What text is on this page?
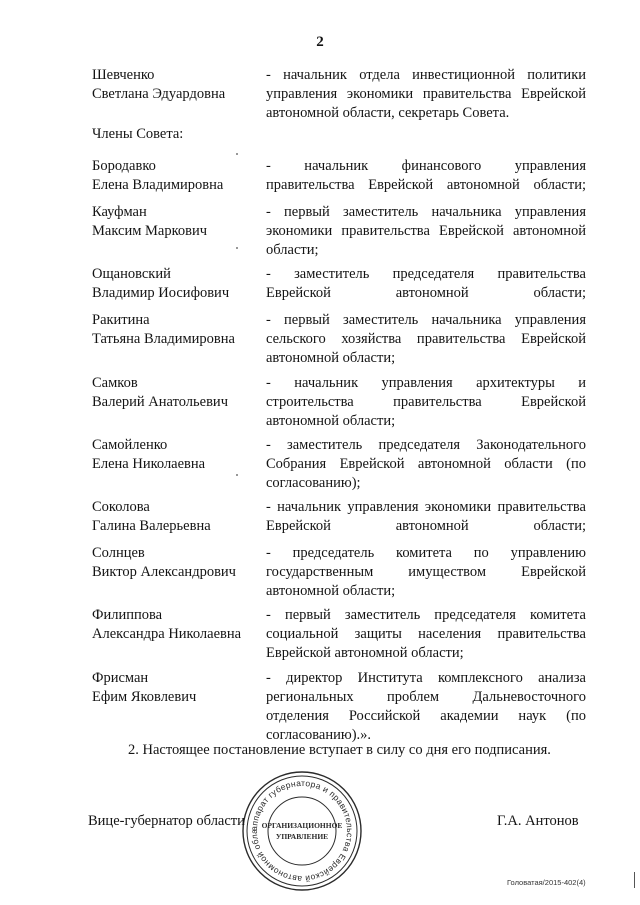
2
Шевченко
Светлана Эдуардовна
- начальник отдела инвестиционной политики управления экономики правительства Еврейской автономной области, секретарь Совета.
Члены Совета:
Бородавко
Елена Владимировна
- начальник финансового управления правительства Еврейской автономной области;
Кауфман
Максим Маркович
- первый заместитель начальника управления экономики правительства Еврейской автономной области;
Ощановский
Владимир Иосифович
- заместитель председателя правительства Еврейской автономной области;
Ракитина
Татьяна Владимировна
- первый заместитель начальника управления сельского хозяйства правительства Еврейской автономной области;
Самков
Валерий Анатольевич
- начальник управления архитектуры и строительства правительства Еврейской автономной области;
Самойленко
Елена Николаевна
- заместитель председателя Законодательного Собрания Еврейской автономной области (по согласованию);
Соколова
Галина Валерьевна
- начальник управления экономики правительства Еврейской автономной области;
Солнцев
Виктор Александрович
- председатель комитета по управлению государственным имуществом Еврейской автономной области;
Филиппова
Александра Николаевна
- первый заместитель председателя комитета социальной защиты населения правительства Еврейской автономной области;
Фрисман
Ефим Яковлевич
- директор Института комплексного анализа региональных проблем Дальневосточного отделения Российской академии наук (по согласованию).».
2. Настоящее постановление вступает в силу со дня его подписания.
аппарат губернатора и правительства Еврейской автономной обла
ОРГАНИЗАЦИОННОЕ
УПРАВЛЕНИЕ
Вице-губернатор области	Г.А. Антонов
Головатая/2015-402(4)
